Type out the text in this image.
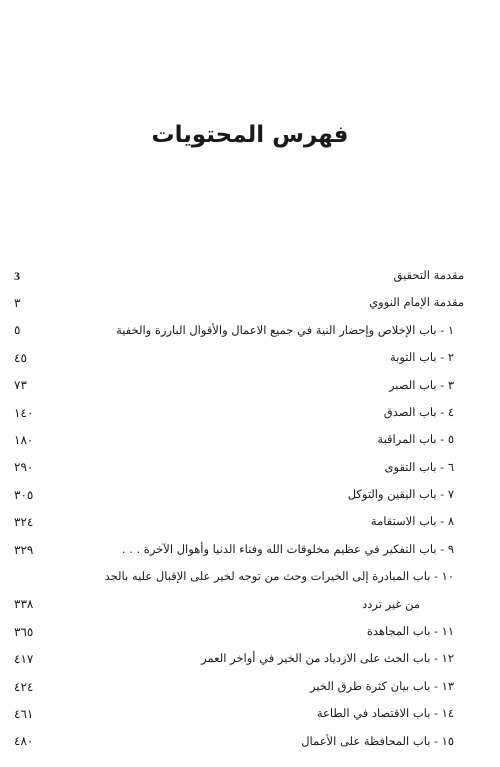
فهرس المحتويات
مقدمة التحقيق
3
مقدمة الإمام النووي
٣
١ - باب الإخلاص وإحضار النية في جميع الاعمال والأقوال البارزة والخفية
٥
٢ - باب التوبة
٤٥
٣ - باب الصبر
٧٣
٤ - باب الصدق
١٤٠
٥ - باب المراقبة
١٨٠
٦ - باب التقوى
٢٩٠
٧ - باب اليقين والتوكل
٣٠٥
٨ - باب الاستقامة
٣٢٤
٩ - باب التفكير في عظيم مخلوقات الله وفناء الدنيا وأهوال الآخرة . . .
٣٢٩
١٠ - باب المبادرة إلى الخيرات وحث من توجه لخير على الإقبال عليه بالجد
من غير تردد
٣٣٨
١١ - باب المجاهدة
٣٦٥
١٢ - باب الحث على الازدياد من الخير في أواخر العمر
٤١٧
١٣ - باب بيان كثرة طرق الخير
٤٢٤
١٤ - باب الاقتصاد في الطاعة
٤٦١
١٥ - باب المحافظة على الأعمال
٤٨٠
